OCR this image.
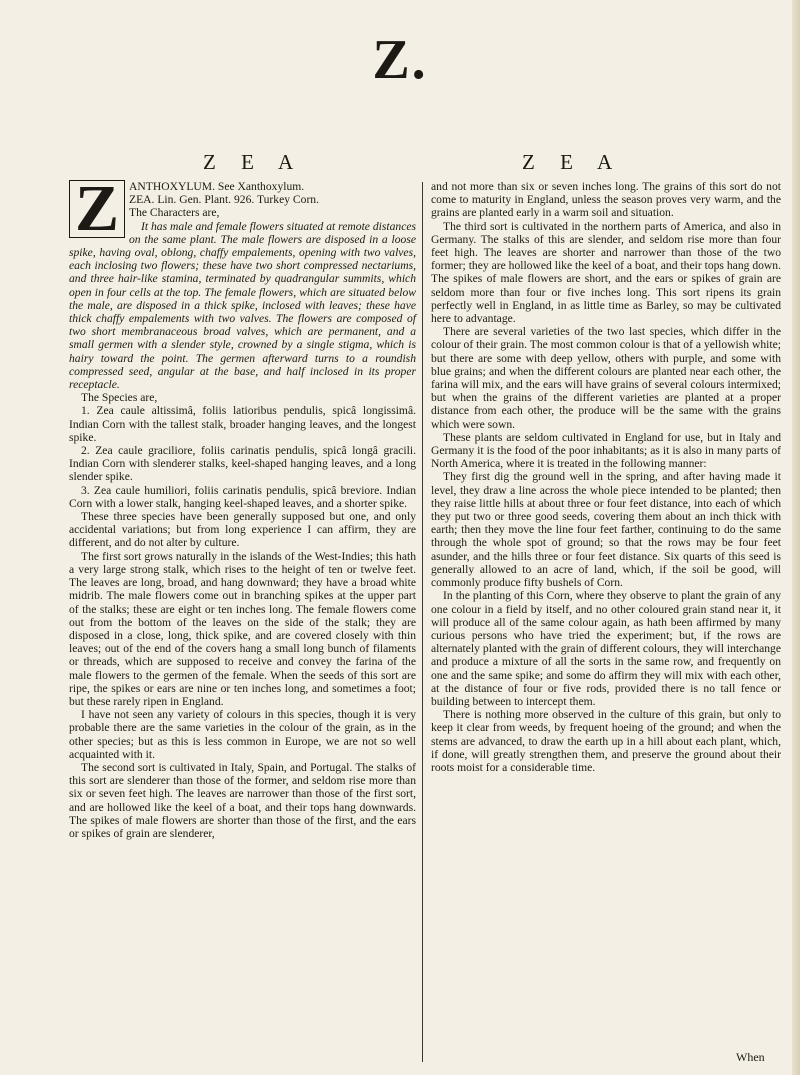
Z.
Z E A	Z E A
Z ANTHOXYLUM. See Xanthoxylum.

ZEA. Lin. Gen. Plant. 926. Turkey Corn.

The Characters are,

It has male and female flowers situated at remote distances on the same plant. The male flowers are disposed in a loose spike, having oval, oblong, chaffy empalements, opening with two valves, each inclosing two flowers; these have two short compressed nectariums, and three hair-like stamina, terminated by quadrangular summits, which open in four cells at the top. The female flowers, which are situated below the male, are disposed in a thick spike, inclosed with leaves; these have thick chaffy empalements with two valves. The flowers are composed of two short membranaceous broad valves, which are permanent, and a small germen with a slender style, crowned by a single stigma, which is hairy toward the point. The germen afterward turns to a roundish compressed seed, angular at the base, and half inclosed in its proper receptacle.

The Species are,

1. Zea caule altissimâ, foliis latioribus pendulis, spicâ longissimâ. Indian Corn with the tallest stalk, broader hanging leaves, and the longest spike.

2. Zea caule graciliore, foliis carinatis pendulis, spicâ longâ gracili. Indian Corn with slenderer stalks, keel-shaped hanging leaves, and a long slender spike.

3. Zea caule humiliori, foliis carinatis pendulis, spicâ breviore. Indian Corn with a lower stalk, hanging keel-shaped leaves, and a shorter spike.

These three species have been generally supposed but one, and only accidental variations; but from long experience I can affirm, they are different, and do not alter by culture.

The first sort grows naturally in the islands of the West-Indies; this hath a very large strong stalk, which rises to the height of ten or twelve feet. The leaves are long, broad, and hang downward; they have a broad white midrib. The male flowers come out in branching spikes at the upper part of the stalks; these are eight or ten inches long. The female flowers come out from the bottom of the leaves on the side of the stalk; they are disposed in a close, long, thick spike, and are covered closely with thin leaves; out of the end of the covers hang a small long bunch of filaments or threads, which are supposed to receive and convey the farina of the male flowers to the germen of the female. When the seeds of this sort are ripe, the spikes or ears are nine or ten inches long, and sometimes a foot; but these rarely ripen in England.

I have not seen any variety of colours in this species, though it is very probable there are the same varieties in the colour of the grain, as in the other species; but as this is less common in Europe, we are not so well acquainted with it.

The second sort is cultivated in Italy, Spain, and Portugal. The stalks of this sort are slenderer than those of the former, and seldom rise more than six or seven feet high. The leaves are narrower than those of the first sort, and are hollowed like the keel of a boat, and their tops hang downwards. The spikes of male flowers are shorter than those of the first, and the ears or spikes of grain are slenderer,

and not more than six or seven inches long. The grains of this sort do not come to maturity in England, unless the season proves very warm, and the grains are planted early in a warm soil and situation.

The third sort is cultivated in the northern parts of America, and also in Germany. The stalks of this are slender, and seldom rise more than four feet high. The leaves are shorter and narrower than those of the two former; they are hollowed like the keel of a boat, and their tops hang down. The spikes of male flowers are short, and the ears or spikes of grain are seldom more than four or five inches long. This sort ripens its grain perfectly well in England, in as little time as Barley, so may be cultivated here to advantage.

There are several varieties of the two last species, which differ in the colour of their grain. The most common colour is that of a yellowish white; but there are some with deep yellow, others with purple, and some with blue grains; and when the different colours are planted near each other, the farina will mix, and the ears will have grains of several colours intermixed; but when the grains of the different varieties are planted at a proper distance from each other, the produce will be the same with the grains which were sown.

These plants are seldom cultivated in England for use, but in Italy and Germany it is the food of the poor inhabitants; as it is also in many parts of North America, where it is treated in the following manner:

They first dig the ground well in the spring, and after having made it level, they draw a line across the whole piece intended to be planted; then they raise little hills at about three or four feet distance, into each of which they put two or three good seeds, covering them about an inch thick with earth; then they move the line four feet farther, continuing to do the same through the whole spot of ground; so that the rows may be four feet asunder, and the hills three or four feet distance. Six quarts of this seed is generally allowed to an acre of land, which, if the soil be good, will commonly produce fifty bushels of Corn.

In the planting of this Corn, where they observe to plant the grain of any one colour in a field by itself, and no other coloured grain stand near it, it will produce all of the same colour again, as hath been affirmed by many curious persons who have tried the experiment; but, if the rows are alternately planted with the grain of different colours, they will interchange and produce a mixture of all the sorts in the same row, and frequently on one and the same spike; and some do affirm they will mix with each other, at the distance of four or five rods, provided there is no tall fence or building between to intercept them.

There is nothing more observed in the culture of this grain, but only to keep it clear from weeds, by frequent hoeing of the ground; and when the stems are advanced, to draw the earth up in a hill about each plant, which, if done, will greatly strengthen them, and preserve the ground about their roots moist for a considerable time.

When
